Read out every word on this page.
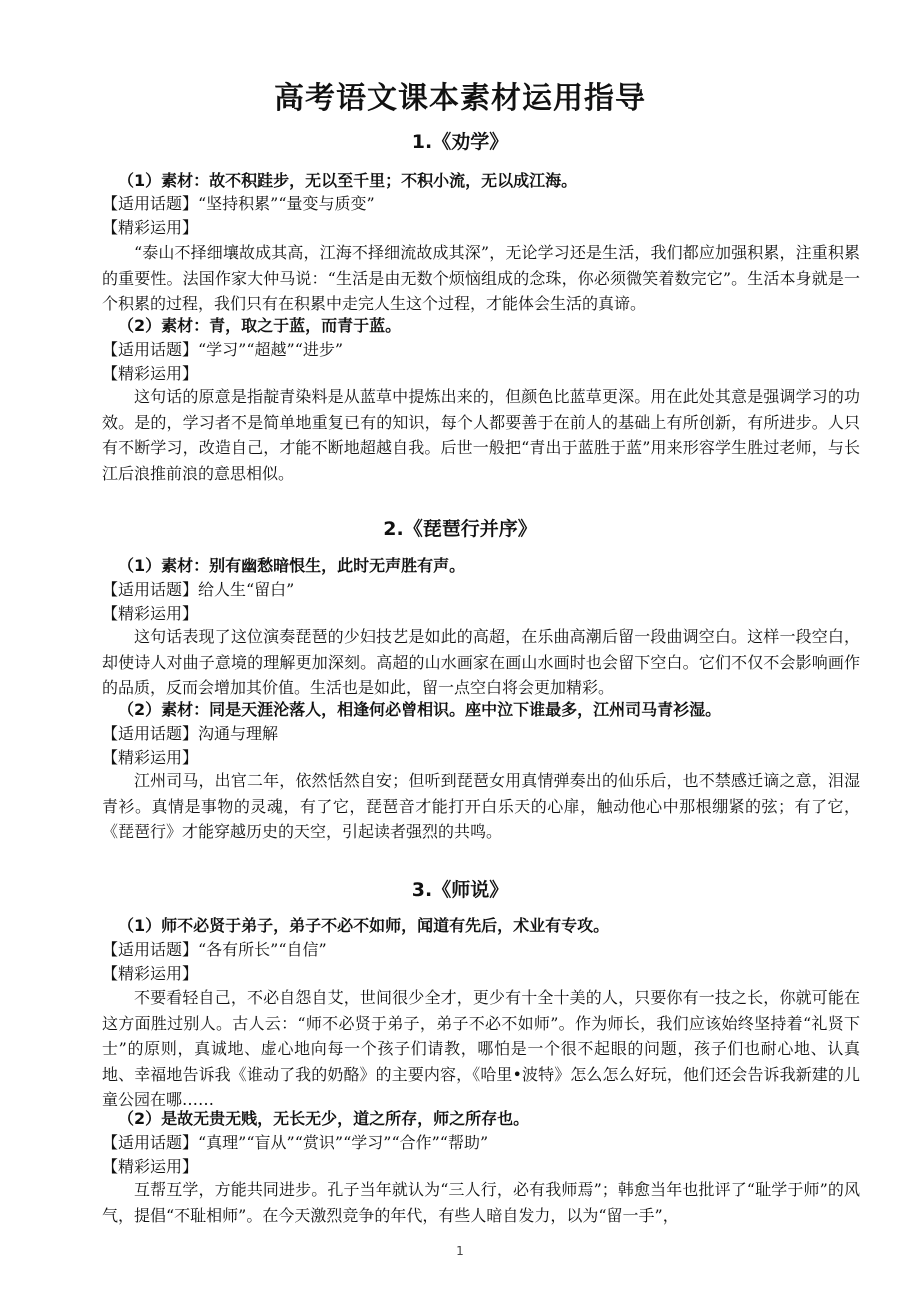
高考语文课本素材运用指导
1.《劝学》
（1）素材：故不积跬步，无以至千里；不积小流，无以成江海。
【适用话题】“坚持积累”“量变与质变”
【精彩运用】

“泰山不择细壤故成其高，江海不择细流故成其深”，无论学习还是生活，我们都应加强积累，注重积累的重要性。法国作家大仲马说：“生活是由无数个烦恼组成的念珠，你必须微笑着数完它”。生活本身就是一个积累的过程，我们只有在积累中走完人生这个过程，才能体会生活的真谛。

（2）素材：青，取之于蓝，而青于蓝。
【适用话题】“学习”“超越”“进步”
【精彩运用】

这句话的原意是指靛青染料是从蓝草中提炼出来的，但颜色比蓝草更深。用在此处其意是强调学习的功效。是的，学习者不是简单地重复已有的知识，每个人都要善于在前人的基础上有所创新，有所进步。人只有不断学习，改造自己，才能不断地超越自我。后世一般把“青出于蓝胜于蓝”用来形容学生胜过老师，与长江后浪推前浪的意思相似。

2.《琵琶行并序》
（1）素材：别有幽愁暗恨生，此时无声胜有声。
【适用话题】给人生“留白”
【精彩运用】

这句话表现了这位演奏琵琶的少妇技艺是如此的高超，在乐曲高潮后留一段曲调空白。这样一段空白，却使诗人对曲子意境的理解更加深刻。高超的山水画家在画山水画时也会留下空白。它们不仅不会影响画作的品质，反而会增加其价值。生活也是如此，留一点空白将会更加精彩。

（2）素材：同是天涯沦落人，相逢何必曾相识。座中泣下谁最多，江州司马青衫湿。
【适用话题】沟通与理解
【精彩运用】

江州司马，出官二年，依然恬然自安；但听到琵琶女用真情弹奏出的仙乐后，也不禁感迁谪之意，泪湿青衫。真情是事物的灵魂，有了它，琵琶音才能打开白乐天的心扉，触动他心中那根绷紧的弦；有了它，《琵琶行》才能穿越历史的天空，引起读者强烈的共鸣。

3.《师说》
（1）师不必贤于弟子，弟子不必不如师，闻道有先后，术业有专攻。
【适用话题】“各有所长”“自信”
【精彩运用】

不要看轻自己，不必自怨自艾，世间很少全才，更少有十全十美的人，只要你有一技之长，你就可能在这方面胜过别人。古人云：“师不必贤于弟子，弟子不必不如师”。作为师长，我们应该始终坚持着“礼贤下士”的原则，真诚地、虚心地向每一个孩子们请教，哪怕是一个很不起眼的问题，孩子们也耐心地、认真地、幸福地告诉我《谁动了我的奶酪》的主要内容，《哈里•波特》怎么怎么好玩，他们还会告诉我新建的儿童公园在哪……

（2）是故无贵无贱，无长无少，道之所存，师之所存也。
【适用话题】“真理”“盲从”“赏识”“学习”“合作”“帮助”
【精彩运用】

互帮互学，方能共同进步。孔子当年就认为“三人行，必有我师焉”；韩愈当年也批评了“耻学于师”的风气，提倡“不耻相师”。在今天激烈竞争的年代，有些人暗自发力，以为“留一手”，

1
